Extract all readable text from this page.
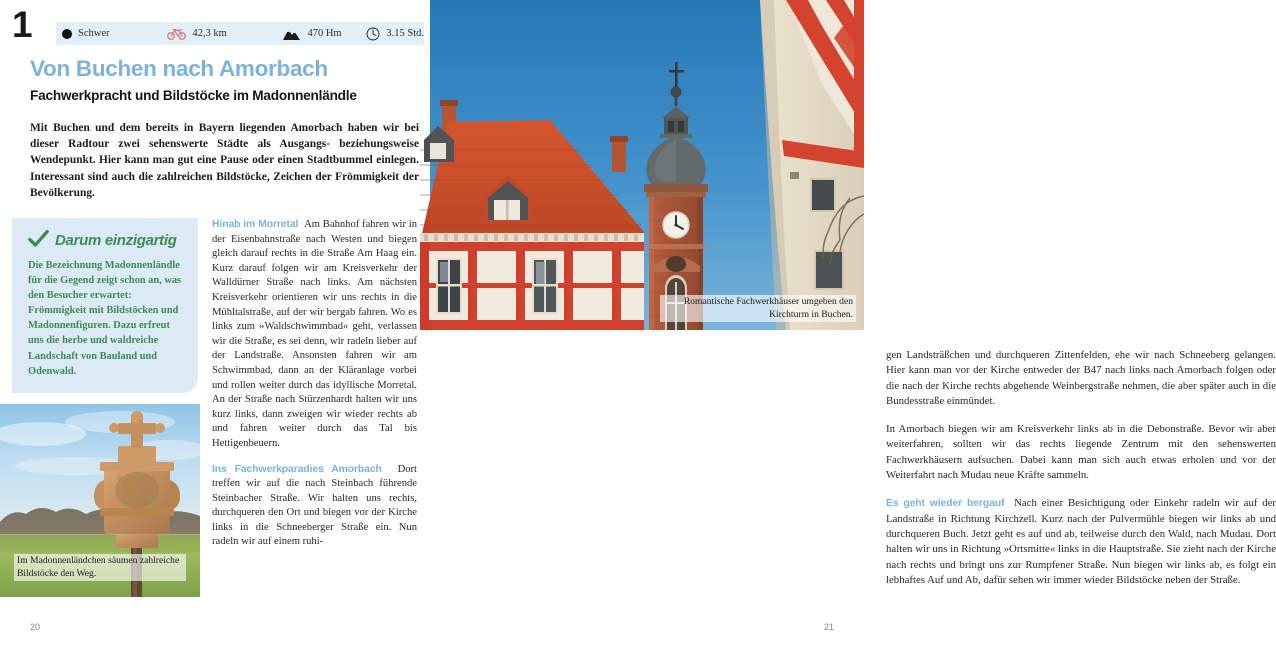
1	Schwer	42,3 km	470 Hm	3.15 Std.
Von Buchen nach Amorbach
Fachwerkpracht und Bildstöcke im Madonnenländle
Mit Buchen und dem bereits in Bayern liegenden Amorbach haben wir bei dieser Radtour zwei sehenswerte Städte als Ausgangs- beziehungsweise Wendepunkt. Hier kann man gut eine Pause oder einen Stadtbummel einlegen. Interessant sind auch die zahlreichen Bildstöcke, Zeichen der Frömmigkeit der Bevölkerung.
Darum einzigartig
Die Bezeichnung Madonnenländle für die Gegend zeigt schon an, was den Besucher erwartet: Frömmigkeit mit Bildstöcken und Madonnenfiguren. Dazu erfreut uns die herbe und waldreiche Landschaft von Bauland und Odenwald.
Im Madonnenländchen säumen zahlreiche Bildstöcke den Weg.

Hinab im Morretal Am Bahnhof fahren wir in der Eisenbahnstraße nach Westen und biegen gleich darauf rechts in die Straße Am Haag ein. Kurz darauf folgen wir am Kreisverkehr der Walldürner Straße nach links. Am nächsten Kreisverkehr orientieren wir uns rechts in die Mühltalstraße, auf der wir bergab fahren. Wo es links zum »Waldschwimmbad« geht, verlassen wir die Straße, es sei denn, wir radeln lieber auf der Landstraße. Ansonsten fahren wir am Schwimmbad, dann an der Kläranlage vorbei und rollen weiter durch das idyllische Morretal. An der Straße nach Stürzenhardt halten wir uns kurz links, dann zweigen wir wieder rechts ab und fahren weiter durch das Tal bis Hettigenbeuern.

Ins Fachwerkparadies Amorbach Dort treffen wir auf die nach Steinbach führende Steinbacher Straße. Wir halten uns rechts, durchqueren den Ort und biegen vor der Kirche links in die Schneeberger Straße ein. Nun radeln wir auf einem ruhi-

20

gen Landsträßchen und durchqueren Zittenfelden, ehe wir nach Schneeberg gelangen. Hier kann man vor der Kirche entweder der B47 nach links nach Amorbach folgen oder die nach der Kirche rechts abgehende Weinbergstraße nehmen, die aber später auch in die Bundesstraße einmündet.

In Amorbach biegen wir am Kreisverkehr links ab in die Debonstraße. Bevor wir aber weiterfahren, sollten wir das rechts liegende Zentrum mit den sehenswerten Fachwerkhäusern aufsuchen. Dabei kann man sich auch etwas erholen und vor der Weiterfahrt nach Mudau neue Kräfte sammeln.

Es geht wieder bergauf Nach einer Besichtigung oder Einkehr radeln wir auf der Landstraße in Richtung Kirchzell. Kurz nach der Pulvermühle biegen wir links ab und durchqueren Buch. Jetzt geht es auf und ab, teilweise durch den Wald, nach Mudau. Dort halten wir uns in Richtung »Ortsmitte« links in die Hauptstraße. Sie zieht nach der Kirche nach rechts und bringt uns zur Rumpfener Straße. Nun biegen wir links ab, es folgt ein lebhaftes Auf und Ab, dafür sehen wir immer wieder Bildstöcke neben der Straße.

21
Romantische Fachwerkhäuser umgeben den Kirchturm in Buchen.
